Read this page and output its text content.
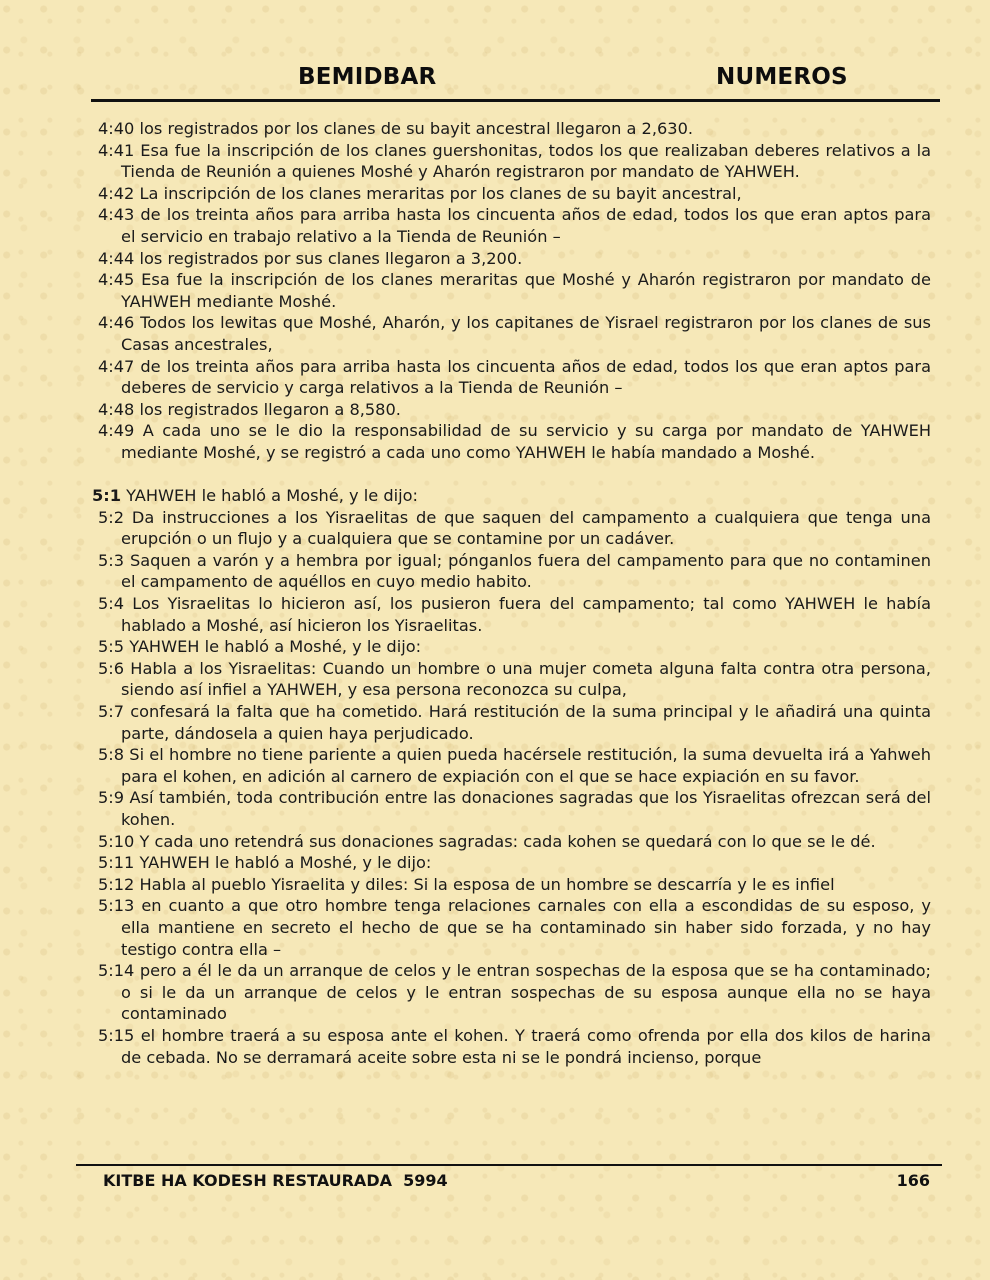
BEMIDBAR	NUMEROS

4:40 los registrados por los clanes de su bayit ancestral llegaron a 2,630.

4:41 Esa fue la inscripción de los clanes guershonitas, todos los que realizaban deberes relativos a la Tienda de Reunión a quienes Moshé y Aharón registraron por mandato de YAHWEH.

4:42 La inscripción de los clanes meraritas por los clanes de su bayit ancestral,

4:43 de los treinta años para arriba hasta los cincuenta años de edad, todos los que eran aptos para el servicio en trabajo relativo a la Tienda de Reunión –

4:44 los registrados por sus clanes llegaron a 3,200.

4:45 Esa fue la inscripción de los clanes meraritas que Moshé y Aharón registraron por mandato de YAHWEH mediante Moshé.

4:46 Todos los lewitas que Moshé, Aharón, y los capitanes de Yisrael registraron por los clanes de sus Casas ancestrales,

4:47 de los treinta años para arriba hasta los cincuenta años de edad, todos los que eran aptos para deberes de servicio y carga relativos a la Tienda de Reunión –

4:48 los registrados llegaron a 8,580.

4:49 A cada uno se le dio la responsabilidad de su servicio y su carga por mandato de YAHWEH mediante Moshé, y se registró a cada uno como YAHWEH le había mandado a Moshé.

5:1 YAHWEH le habló a Moshé, y le dijo:

5:2 Da instrucciones a los Yisraelitas de que saquen del campamento a cualquiera que tenga una erupción o un flujo y a cualquiera que se contamine por un cadáver.

5:3 Saquen a varón y a hembra por igual; pónganlos fuera del campamento para que no contaminen el campamento de aquéllos en cuyo medio habito.

5:4 Los Yisraelitas lo hicieron así, los pusieron fuera del campamento; tal como YAHWEH le había hablado a Moshé, así hicieron los Yisraelitas.

5:5 YAHWEH le habló a Moshé, y le dijo:

5:6 Habla a los Yisraelitas: Cuando un hombre o una mujer cometa alguna falta contra otra persona, siendo así infiel a YAHWEH, y esa persona reconozca su culpa,

5:7 confesará la falta que ha cometido. Hará restitución de la suma principal y le añadirá una quinta parte, dándosela a quien haya perjudicado.

5:8 Si el hombre no tiene pariente a quien pueda hacérsele restitución, la suma devuelta irá a Yahweh para el kohen, en adición al carnero de expiación con el que se hace expiación en su favor.

5:9 Así también, toda contribución entre las donaciones sagradas que los Yisraelitas ofrezcan será del kohen.

5:10 Y cada uno retendrá sus donaciones sagradas: cada kohen se quedará con lo que se le dé.

5:11 YAHWEH le habló a Moshé, y le dijo:

5:12 Habla al pueblo Yisraelita y diles: Si la esposa de un hombre se descarría y le es infiel

5:13 en cuanto a que otro hombre tenga relaciones carnales con ella a escondidas de su esposo, y ella mantiene en secreto el hecho de que se ha contaminado sin haber sido forzada, y no hay testigo contra ella –

5:14 pero a él le da un arranque de celos y le entran sospechas de la esposa que se ha contaminado; o si le da un arranque de celos y le entran sospechas de su esposa aunque ella no se haya contaminado

5:15 el hombre traerá a su esposa ante el kohen. Y traerá como ofrenda por ella dos kilos de harina de cebada. No se derramará aceite sobre esta ni se le pondrá incienso, porque

KITBE HA KODESH RESTAURADA  5994	166
